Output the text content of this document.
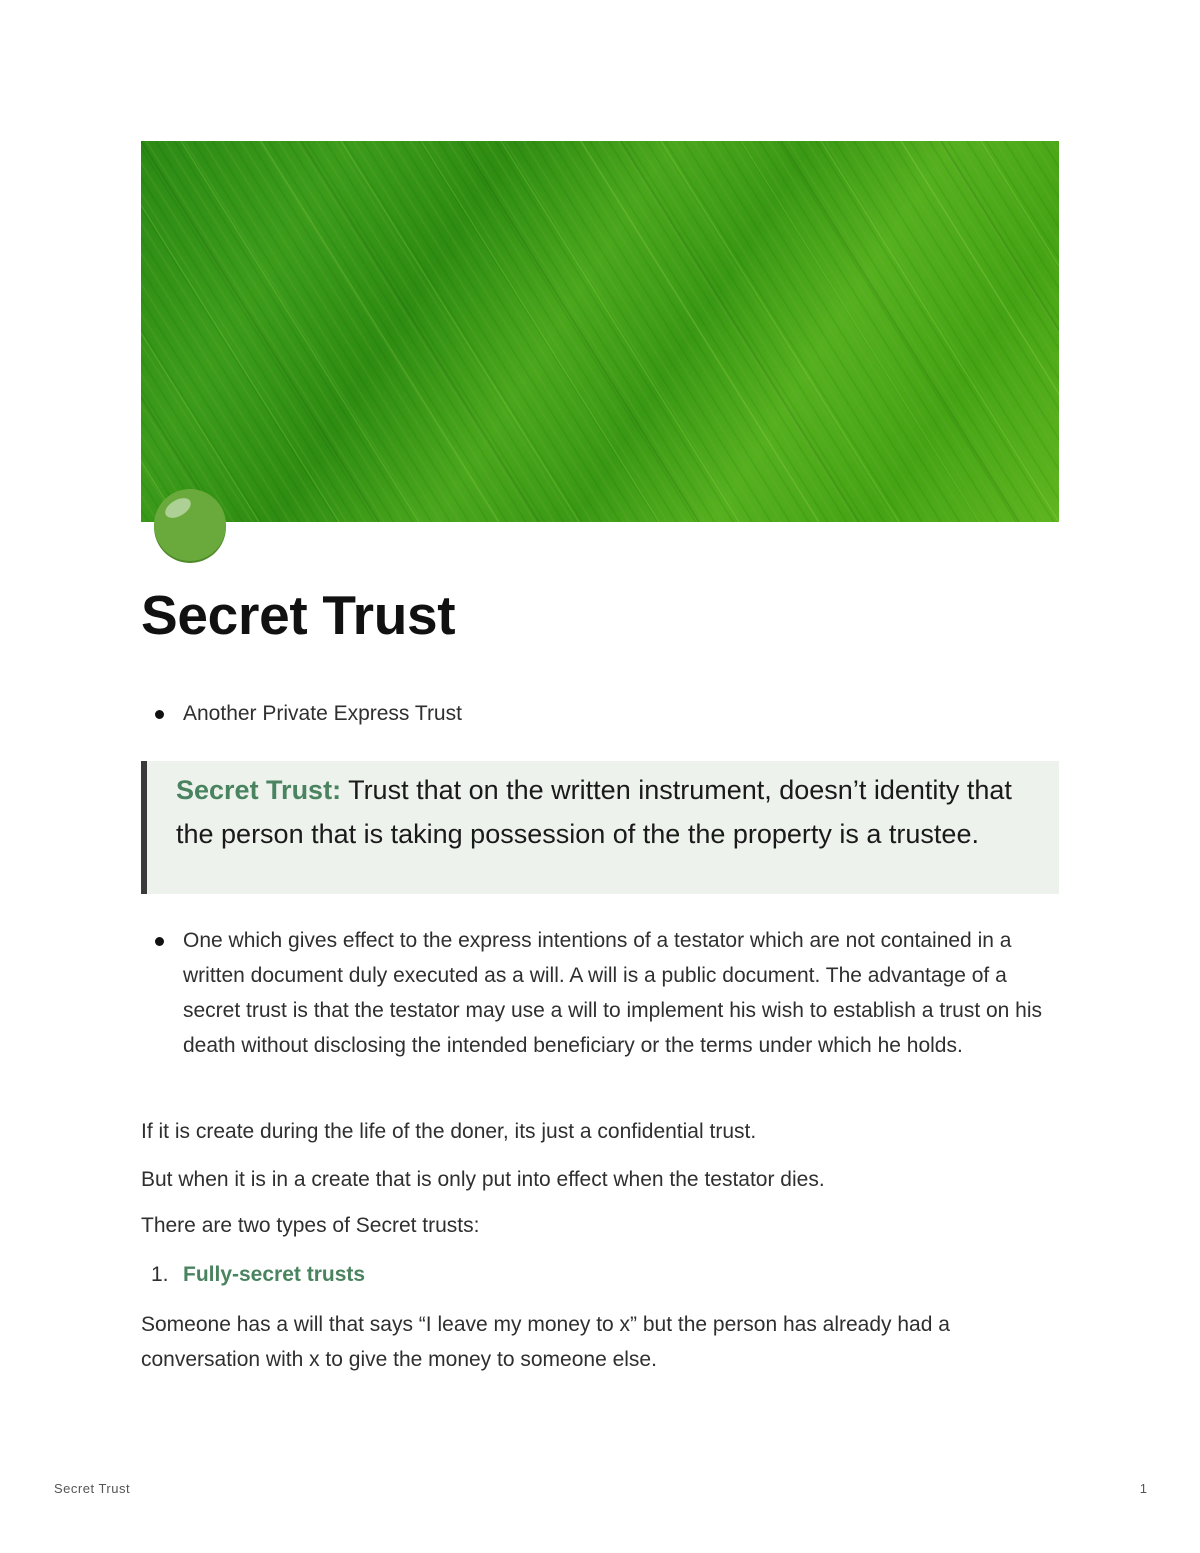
Secret Trust
Another Private Express Trust

Secret Trust: Trust that on the written instrument, doesn’t identity that the person that is taking possession of the the property is a trustee.

One which gives effect to the express intentions of a testator which are not contained in a written document duly executed as a will. A will is a public document. The advantage of a secret trust is that the testator may use a will to implement his wish to establish a trust on his death without disclosing the intended beneficiary or the terms under which he holds.

If it is create during the life of the doner, its just a confidential trust.

But when it is in a create that is only put into effect when the testator dies.

There are two types of Secret trusts:

1. Fully-secret trusts

Someone has a will that says “I leave my money to x” but the person has already had a conversation with x to give the money to someone else.

Secret Trust	1
